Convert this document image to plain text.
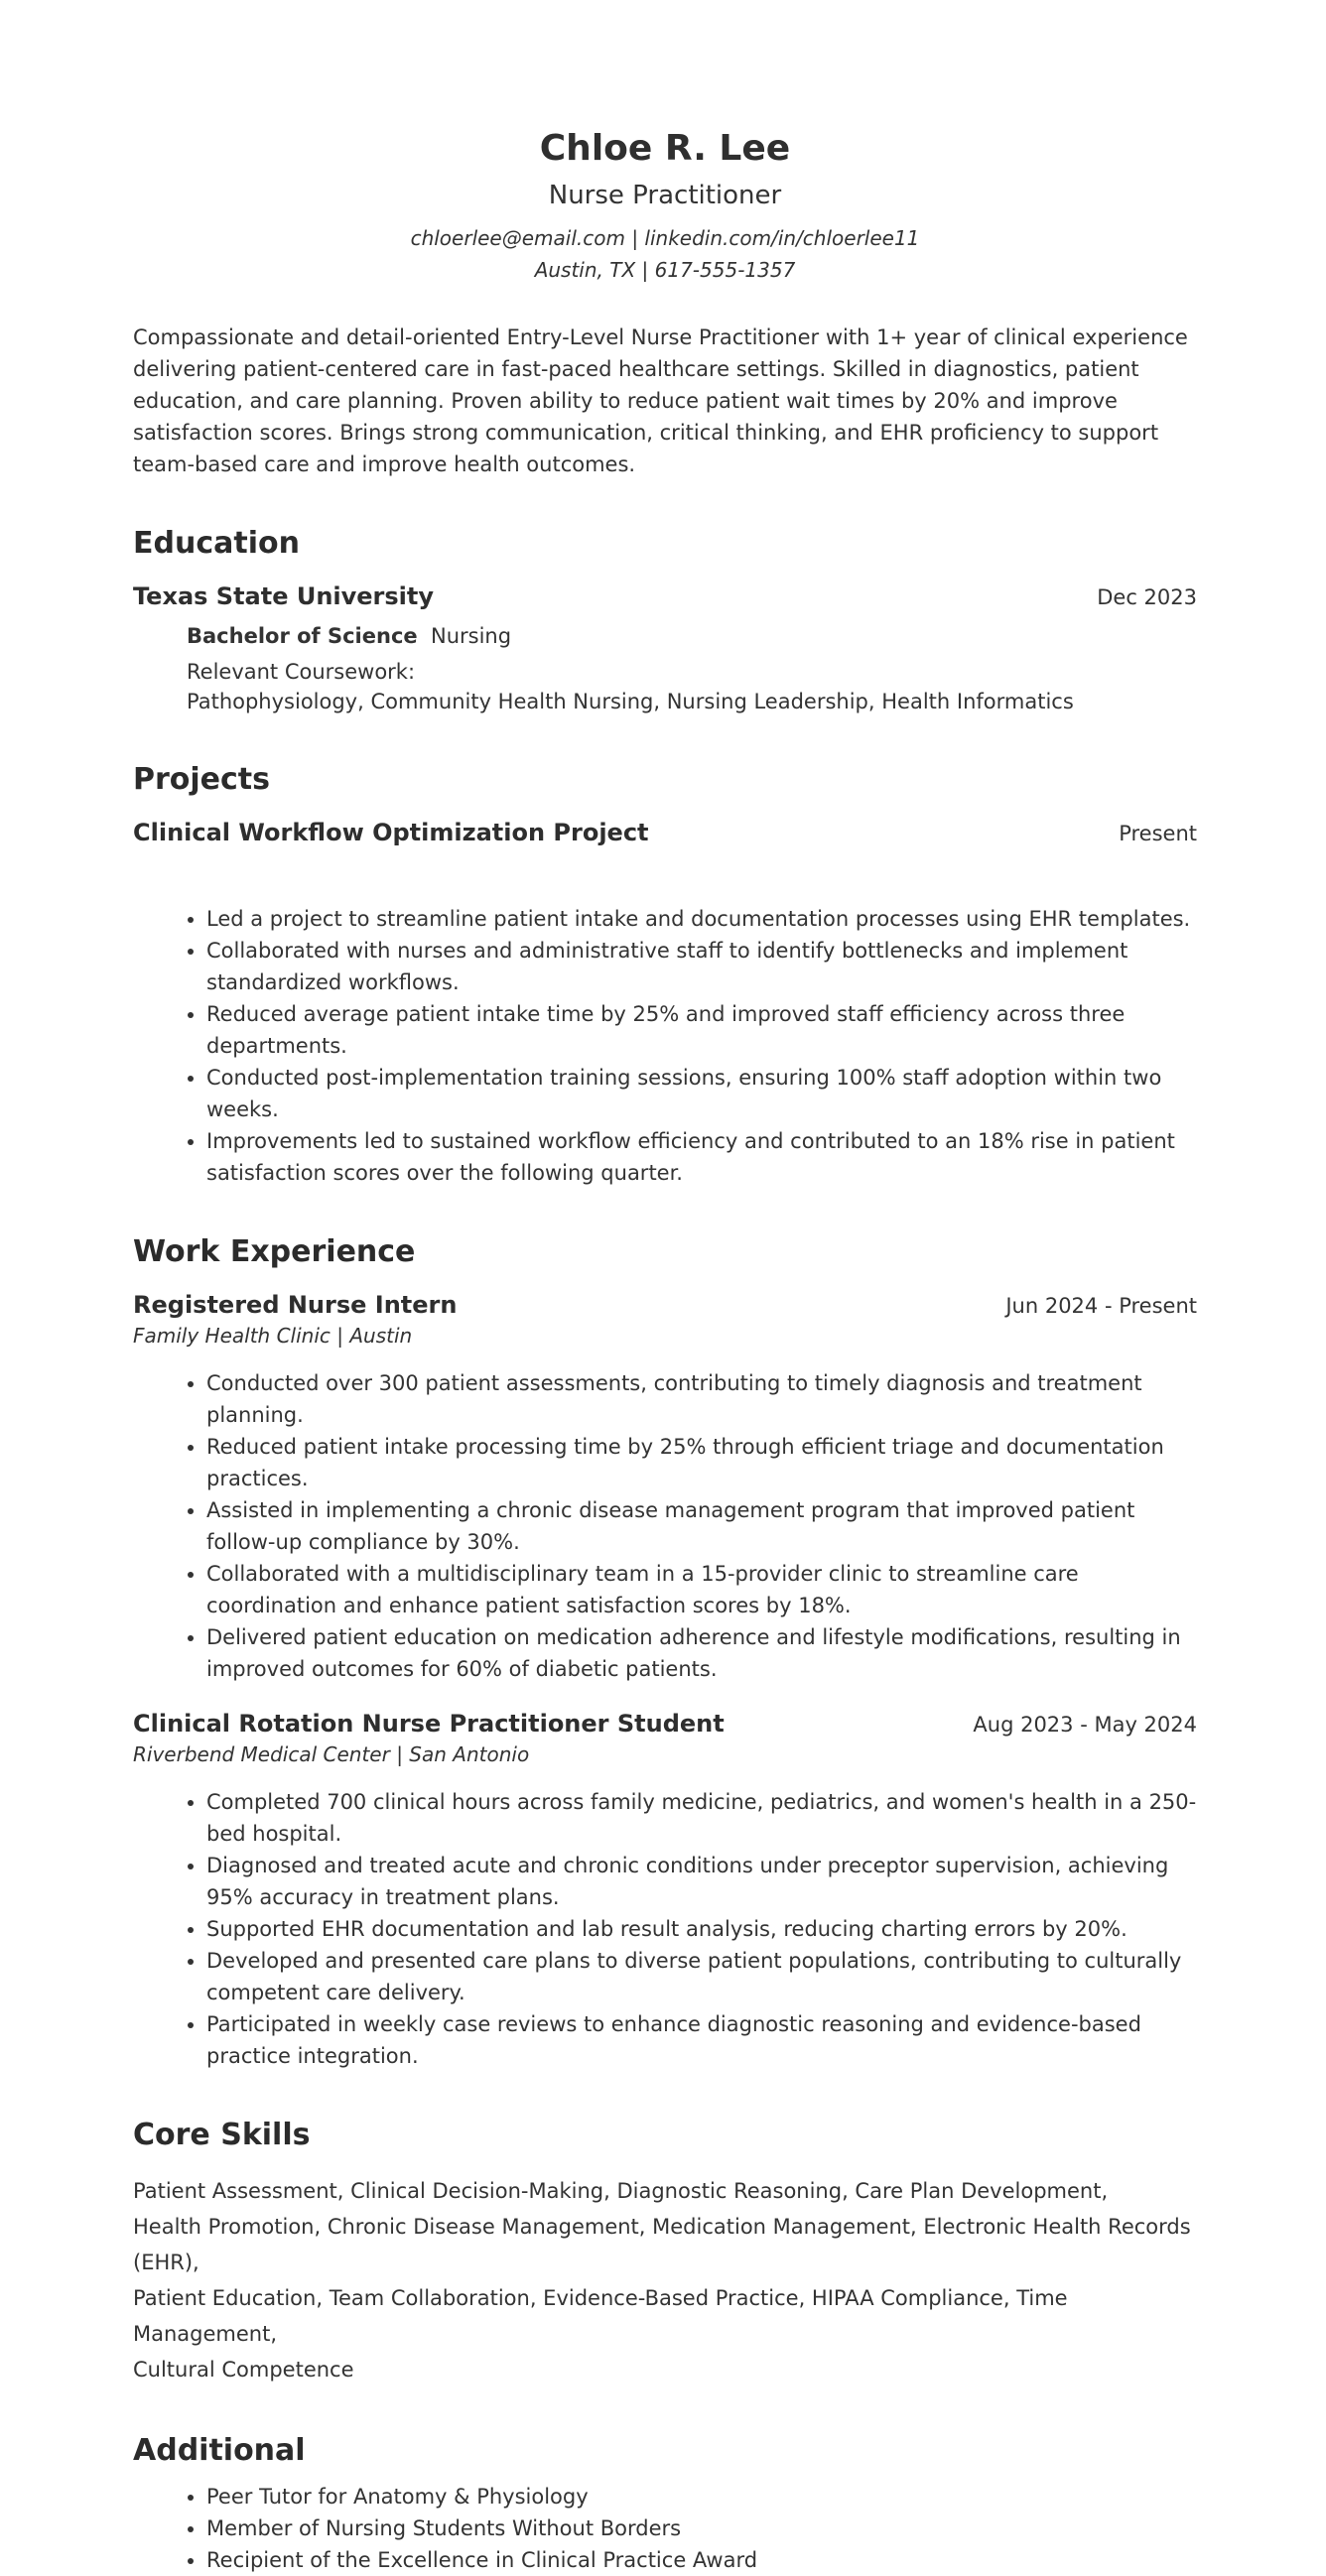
Chloe R. Lee
Nurse Practitioner
chloerlee@email.com | linkedin.com/in/chloerlee11
Austin, TX | 617-555-1357
Compassionate and detail-oriented Entry-Level Nurse Practitioner with 1+ year of clinical experience delivering patient-centered care in fast-paced healthcare settings. Skilled in diagnostics, patient education, and care planning. Proven ability to reduce patient wait times by 20% and improve satisfaction scores. Brings strong communication, critical thinking, and EHR proficiency to support team-based care and improve health outcomes.
Education
Texas State University	Dec 2023
Bachelor of Science Nursing
Relevant Coursework:
Pathophysiology, Community Health Nursing, Nursing Leadership, Health Informatics
Projects
Clinical Workflow Optimization Project	Present
• Led a project to streamline patient intake and documentation processes using EHR templates.
• Collaborated with nurses and administrative staff to identify bottlenecks and implement standardized workflows.
• Reduced average patient intake time by 25% and improved staff efficiency across three departments.
• Conducted post-implementation training sessions, ensuring 100% staff adoption within two weeks.
• Improvements led to sustained workflow efficiency and contributed to an 18% rise in patient satisfaction scores over the following quarter.
Work Experience
Registered Nurse Intern	Jun 2024 - Present
Family Health Clinic | Austin
• Conducted over 300 patient assessments, contributing to timely diagnosis and treatment planning.
• Reduced patient intake processing time by 25% through efficient triage and documentation practices.
• Assisted in implementing a chronic disease management program that improved patient follow-up compliance by 30%.
• Collaborated with a multidisciplinary team in a 15-provider clinic to streamline care coordination and enhance patient satisfaction scores by 18%.
• Delivered patient education on medication adherence and lifestyle modifications, resulting in improved outcomes for 60% of diabetic patients.
Clinical Rotation Nurse Practitioner Student	Aug 2023 - May 2024
Riverbend Medical Center | San Antonio
• Completed 700 clinical hours across family medicine, pediatrics, and women's health in a 250-bed hospital.
• Diagnosed and treated acute and chronic conditions under preceptor supervision, achieving 95% accuracy in treatment plans.
• Supported EHR documentation and lab result analysis, reducing charting errors by 20%.
• Developed and presented care plans to diverse patient populations, contributing to culturally competent care delivery.
• Participated in weekly case reviews to enhance diagnostic reasoning and evidence-based practice integration.
Core Skills
Patient Assessment, Clinical Decision-Making, Diagnostic Reasoning, Care Plan Development,
Health Promotion, Chronic Disease Management, Medication Management, Electronic Health Records (EHR),
Patient Education, Team Collaboration, Evidence-Based Practice, HIPAA Compliance, Time Management,
Cultural Competence
Additional
• Peer Tutor for Anatomy & Physiology
• Member of Nursing Students Without Borders
• Recipient of the Excellence in Clinical Practice Award
